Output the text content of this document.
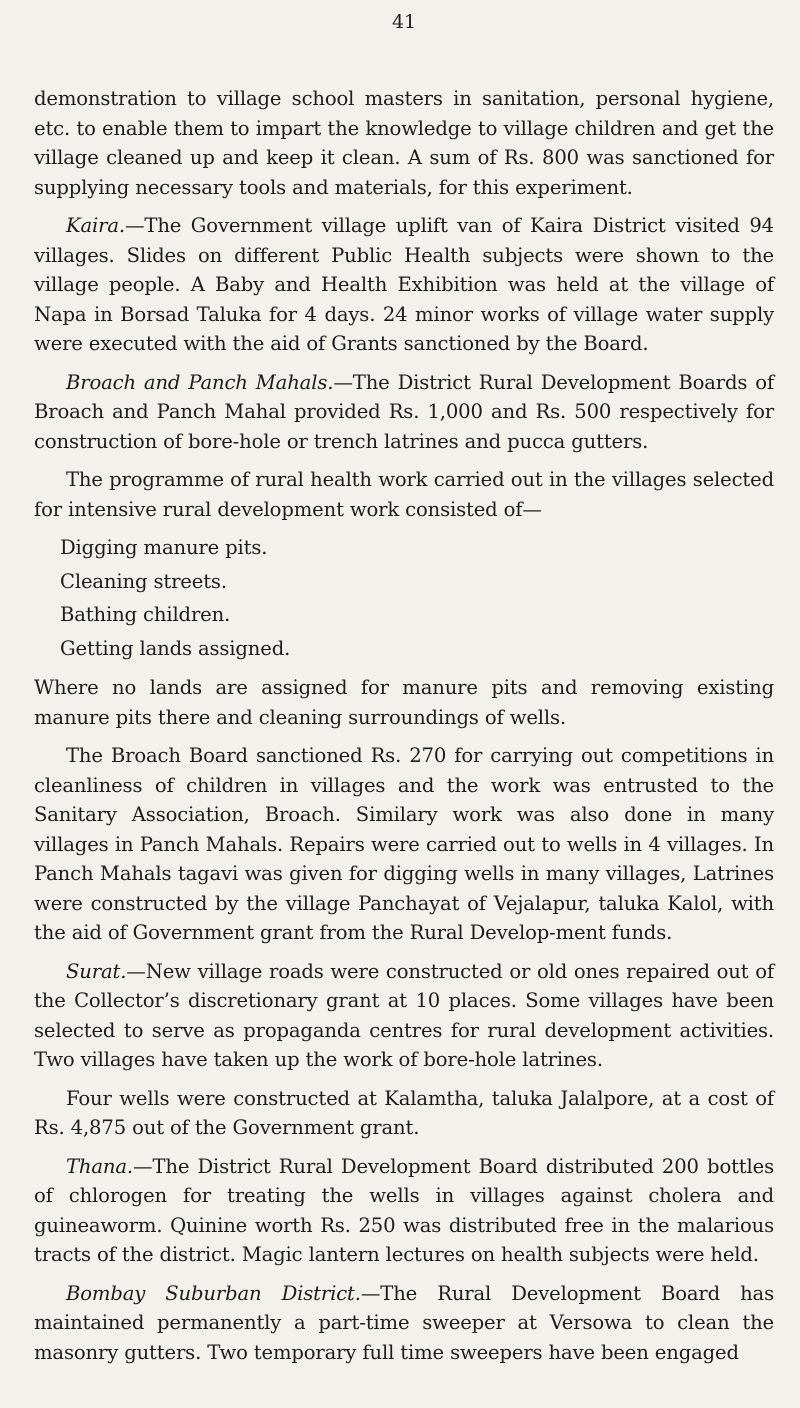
41

demonstration to village school masters in sanitation, personal hygiene, etc. to enable them to impart the knowledge to village children and get the village cleaned up and keep it clean. A sum of Rs. 800 was sanctioned for supplying necessary tools and materials, for this experiment.

Kaira.—The Government village uplift van of Kaira District visited 94 villages. Slides on different Public Health subjects were shown to the village people. A Baby and Health Exhibition was held at the village of Napa in Borsad Taluka for 4 days. 24 minor works of village water supply were executed with the aid of Grants sanctioned by the Board.

Broach and Panch Mahals.—The District Rural Development Boards of Broach and Panch Mahal provided Rs. 1,000 and Rs. 500 respectively for construction of bore-hole or trench latrines and pucca gutters.

The programme of rural health work carried out in the villages selected for intensive rural development work consisted of—

Digging manure pits.
Cleaning streets.
Bathing children.
Getting lands assigned.

Where no lands are assigned for manure pits and removing existing manure pits there and cleaning surroundings of wells.

The Broach Board sanctioned Rs. 270 for carrying out competitions in cleanliness of children in villages and the work was entrusted to the Sanitary Association, Broach. Similary work was also done in many villages in Panch Mahals. Repairs were carried out to wells in 4 villages. In Panch Mahals tagavi was given for digging wells in many villages, Latrines were constructed by the village Panchayat of Vejalapur, taluka Kalol, with the aid of Government grant from the Rural Develop-ment funds.

Surat.—New village roads were constructed or old ones repaired out of the Collector’s discretionary grant at 10 places. Some villages have been selected to serve as propaganda centres for rural development activities. Two villages have taken up the work of bore-hole latrines.

Four wells were constructed at Kalamtha, taluka Jalalpore, at a cost of Rs. 4,875 out of the Government grant.

Thana.—The District Rural Development Board distributed 200 bottles of chlorogen for treating the wells in villages against cholera and guineaworm. Quinine worth Rs. 250 was distributed free in the malarious tracts of the district. Magic lantern lectures on health subjects were held.

Bombay Suburban District.—The Rural Development Board has maintained permanently a part-time sweeper at Versowa to clean the masonry gutters. Two temporary full time sweepers have been engaged
